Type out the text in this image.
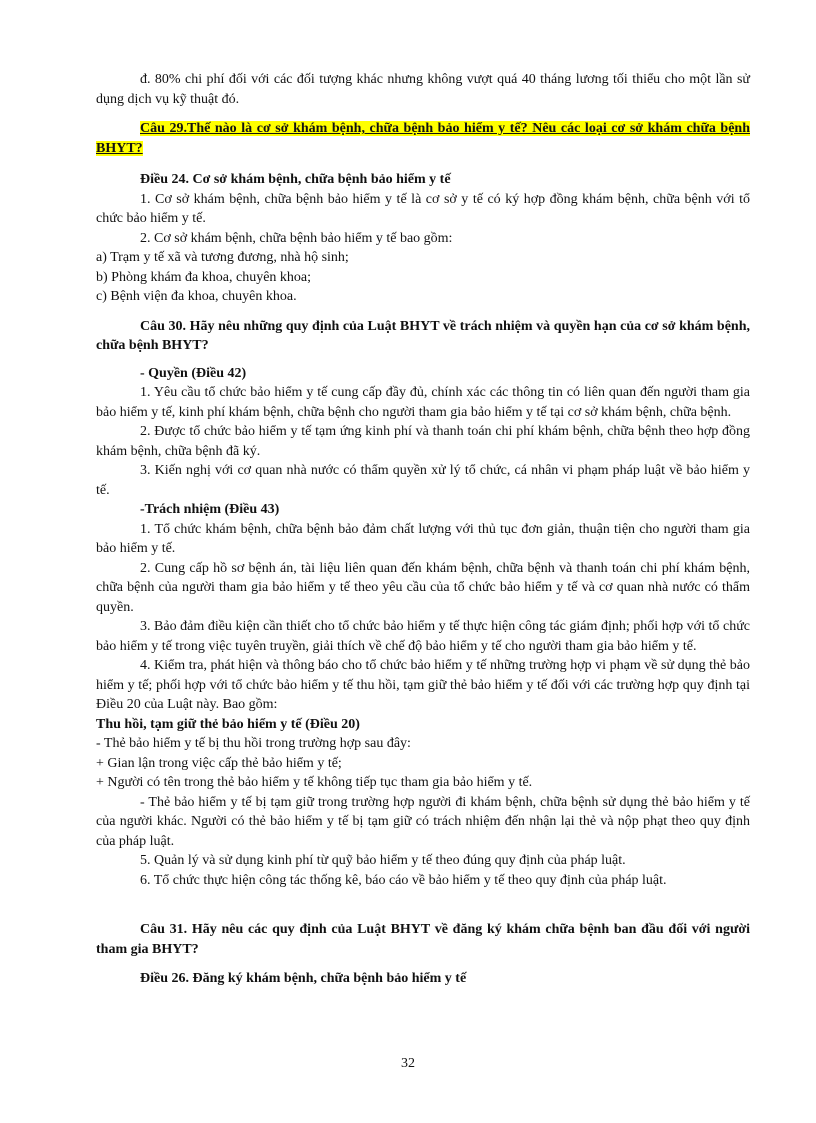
đ. 80% chi phí đối với các đối tượng khác nhưng không vượt quá 40 tháng lương tối thiểu cho một lần sử dụng dịch vụ kỹ thuật đó.

Câu 29.Thế nào là cơ sở khám bệnh, chữa bệnh bảo hiểm y tế? Nêu các loại cơ sở khám chữa bệnh BHYT?

Điều 24. Cơ sở khám bệnh, chữa bệnh bảo hiểm y tế

1. Cơ sở khám bệnh, chữa bệnh bảo hiểm y tế là cơ sở y tế có ký hợp đồng khám bệnh, chữa bệnh với tổ chức bảo hiểm y tế.

2. Cơ sở khám bệnh, chữa bệnh bảo hiểm y tế bao gồm:

a) Trạm y tế xã và tương đương, nhà hộ sinh;

b) Phòng khám đa khoa, chuyên khoa;

c) Bệnh viện đa khoa, chuyên khoa.

Câu 30. Hãy nêu những quy định của Luật BHYT về trách nhiệm và quyền hạn của cơ sở khám bệnh, chữa bệnh BHYT?

- Quyền (Điều 42)

1. Yêu cầu tổ chức bảo hiểm y tế cung cấp đầy đủ, chính xác các thông tin có liên quan đến người tham gia bảo hiểm y tế, kinh phí khám bệnh, chữa bệnh cho người tham gia bảo hiểm y tế tại cơ sở khám bệnh, chữa bệnh.

2. Được tổ chức bảo hiểm y tế tạm ứng kinh phí và thanh toán chi phí khám bệnh, chữa bệnh theo hợp đồng khám bệnh, chữa bệnh đã ký.

3. Kiến nghị với cơ quan nhà nước có thẩm quyền xử lý tổ chức, cá nhân vi phạm pháp luật về bảo hiểm y tế.

-Trách nhiệm (Điều 43)

1. Tổ chức khám bệnh, chữa bệnh bảo đảm chất lượng với thủ tục đơn giản, thuận tiện cho người tham gia bảo hiểm y tế.

2. Cung cấp hồ sơ bệnh án, tài liệu liên quan đến khám bệnh, chữa bệnh và thanh toán chi phí khám bệnh, chữa bệnh của người tham gia bảo hiểm y tế theo yêu cầu của tổ chức bảo hiểm y tế và cơ quan nhà nước có thẩm quyền.

3. Bảo đảm điều kiện cần thiết cho tổ chức bảo hiểm y tế thực hiện công tác giám định; phối hợp với tổ chức bảo hiểm y tế trong việc tuyên truyền, giải thích về chế độ bảo hiểm y tế cho người tham gia bảo hiểm y tế.

4. Kiểm tra, phát hiện và thông báo cho tổ chức bảo hiểm y tế những trường hợp vi phạm về sử dụng thẻ bảo hiểm y tế; phối hợp với tổ chức bảo hiểm y tế thu hồi, tạm giữ thẻ bảo hiểm y tế đối với các trường hợp quy định tại Điều 20 của Luật này. Bao gồm:

Thu hồi, tạm giữ thẻ bảo hiểm y tế (Điều 20)

- Thẻ bảo hiểm y tế bị thu hồi trong trường hợp sau đây:

+ Gian lận trong việc cấp thẻ bảo hiểm y tế;

+ Người có tên trong thẻ bảo hiểm y tế không tiếp tục tham gia bảo hiểm y tế.

- Thẻ bảo hiểm y tế bị tạm giữ trong trường hợp người đi khám bệnh, chữa bệnh sử dụng thẻ bảo hiểm y tế của người khác. Người có thẻ bảo hiểm y tế bị tạm giữ có trách nhiệm đến nhận lại thẻ và nộp phạt theo quy định của pháp luật.

5. Quản lý và sử dụng kinh phí từ quỹ bảo hiểm y tế theo đúng quy định của pháp luật.

6. Tổ chức thực hiện công tác thống kê, báo cáo về bảo hiểm y tế theo quy định của pháp luật.

Câu 31. Hãy nêu các quy định của Luật BHYT về đăng ký khám chữa bệnh ban đầu đối với người tham gia BHYT?

Điều 26. Đăng ký khám bệnh, chữa bệnh bảo hiểm y tế

32
